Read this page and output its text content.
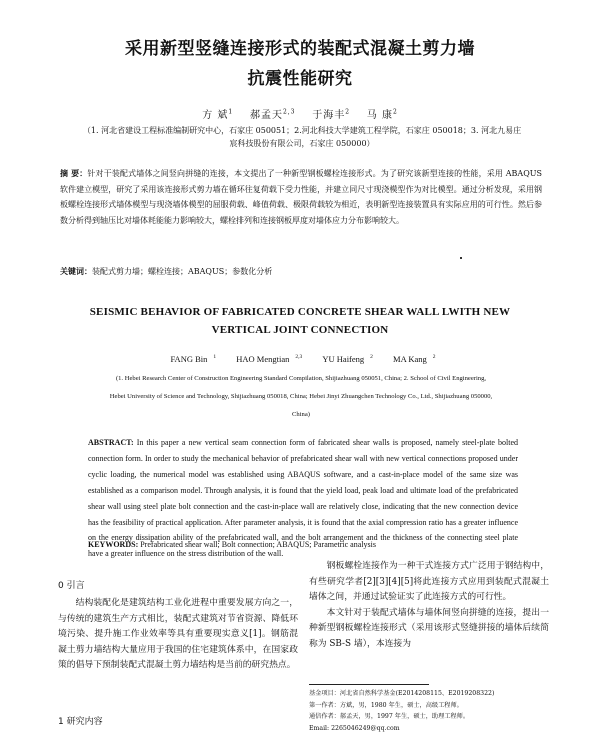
采用新型竖缝连接形式的装配式混凝土剪力墙
抗震性能研究
方 斌$^1$ 郝孟天$^{2,3}$ 于海丰$^2$ 马 康$^2$
（1. 河北省建设工程标准编制研究中心，石家庄 050051；2.河北科技大学建筑工程学院，石家庄 050018；3. 河北九易庄宸科技股份有限公司，石家庄 050000）
摘 要：针对干装配式墙体之间竖向拼缝的连接，本文提出了一种新型钢板螺栓连接形式。为了研究该新型连接的性能，采用 ABAQUS 软件建立模型，研究了采用该连接形式剪力墙在循环往复荷载下受力性能，并建立同尺寸现浇模型作为对比模型。通过分析发现，采用钢板螺栓连接形式墙体模型与现浇墙体模型的屈服荷载、峰值荷载、极限荷载较为相近，表明新型连接装置具有实际应用的可行性。然后参数分析得到轴压比对墙体耗能能力影响较大，螺栓排列和连接钢板厚度对墙体应力分布影响较大。
关键词：装配式剪力墙；螺栓连接；ABAQUS；参数化分析
SEISMIC BEHAVIOR OF FABRICATED CONCRETE SHEAR WALL LWITH NEW
VERTICAL JOINT CONNECTION
FANG Bin $^1$ HAO Mengtian $^{2,3}$ YU Haifeng $^2$ MA Kang $^2$
(1. Hebei Research Center of Construction Engineering Standard Compilation, Shijiazhuang 050051, China; 2. School of Civil Engineering,
Hebei University of Science and Technology, Shijiazhuang 050018, China; Hebei Jinyi Zhuangchen Technology Co., Ltd., Shijiazhuang 050000,
China)
ABSTRACT: In this paper a new vertical seam connection form of fabricated shear walls is proposed, namely steel-plate bolted connection form. In order to study the mechanical behavior of prefabricated shear wall with new vertical connections proposed under cyclic loading, the numerical model was established using ABAQUS software, and a cast-in-place model of the same size was established as a comparison model. Through analysis, it is found that the yield load, peak load and ultimate load of the prefabricated shear wall using steel plate bolt connection and the cast-in-place wall are relatively close, indicating that the new connection device has the feasibility of practical application. After parameter analysis, it is found that the axial compression ratio has a greater influence on the energy dissipation ability of the prefabricated wall, and the bolt arrangement and the thickness of the connecting steel plate have a greater influence on the stress distribution of the wall.
KEYWORDS: Prefabricated shear wall; Bolt connection; ABAQUS; Parametric analysis
0 引言

结构装配化是建筑结构工业化进程中重要发展方向之一，与传统的建筑生产方式相比，装配式建筑对节省资源、降低环境污染、提升施工作业效率等具有重要现实意义[1]。钢筋混凝土剪力墙结构大量应用于我国的住宅建筑体系中，在国家政策的倡导下预制装配式混凝土剪力墙结构是当前的研究热点。

1 研究内容

钢板螺栓连接作为一种干式连接方式广泛用于钢结构中，有些研究学者[2][3][4][5]将此连接方式应用到装配式混凝土墙体之间，并通过试验证实了此连接方式的可行性。

本文针对于装配式墙体与墙体间竖向拼缝的连接，提出一种新型钢板螺栓连接形式（采用该形式竖缝拼接的墙体后续简称为 SB-S 墙），本连接为

基金项目：河北省自然科学基金(E2014208115、E2019208322)
第一作者：方斌，男，1980 年生，硕士，高级工程师。
通信作者：郝孟天，男，1997 年生，硕士，助理工程师。
Email: 2265046249@qq.com
